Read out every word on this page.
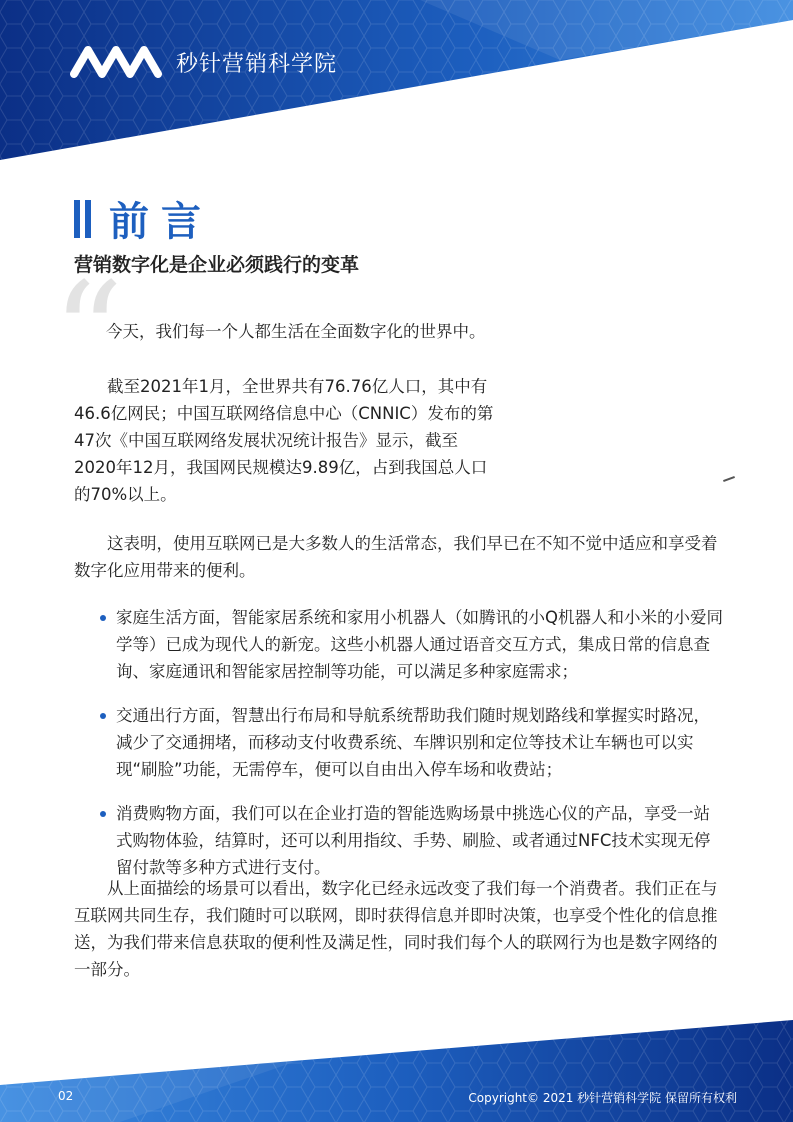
秒针营销科学院
前言
营销数字化是企业必须践行的变革
“

今天，我们每一个人都生活在全面数字化的世界中。

截至2021年1月，全世界共有76.76亿人口，其中有46.6亿网民；中国互联网络信息中心（CNNIC）发布的第47次《中国互联网络发展状况统计报告》显示，截至2020年12月，我国网民规模达9.89亿，占到我国总人口的70%以上。

这表明，使用互联网已是大多数人的生活常态，我们早已在不知不觉中适应和享受着数字化应用带来的便利。

家庭生活方面，智能家居系统和家用小机器人（如腾讯的小Q机器人和小米的小爱同学等）已成为现代人的新宠。这些小机器人通过语音交互方式，集成日常的信息查询、家庭通讯和智能家居控制等功能，可以满足多种家庭需求；
交通出行方面，智慧出行布局和导航系统帮助我们随时规划路线和掌握实时路况，减少了交通拥堵，而移动支付收费系统、车牌识别和定位等技术让车辆也可以实现“刷脸”功能，无需停车，便可以自由出入停车场和收费站；
消费购物方面，我们可以在企业打造的智能选购场景中挑选心仪的产品，享受一站式购物体验，结算时，还可以利用指纹、手势、刷脸、或者通过NFC技术实现无停留付款等多种方式进行支付。

从上面描绘的场景可以看出，数字化已经永远改变了我们每一个消费者。我们正在与互联网共同生存，我们随时可以联网，即时获得信息并即时决策，也享受个性化的信息推送，为我们带来信息获取的便利性及满足性，同时我们每个人的联网行为也是数字网络的一部分。

02	Copyright© 2021 秒针营销科学院 保留所有权利
